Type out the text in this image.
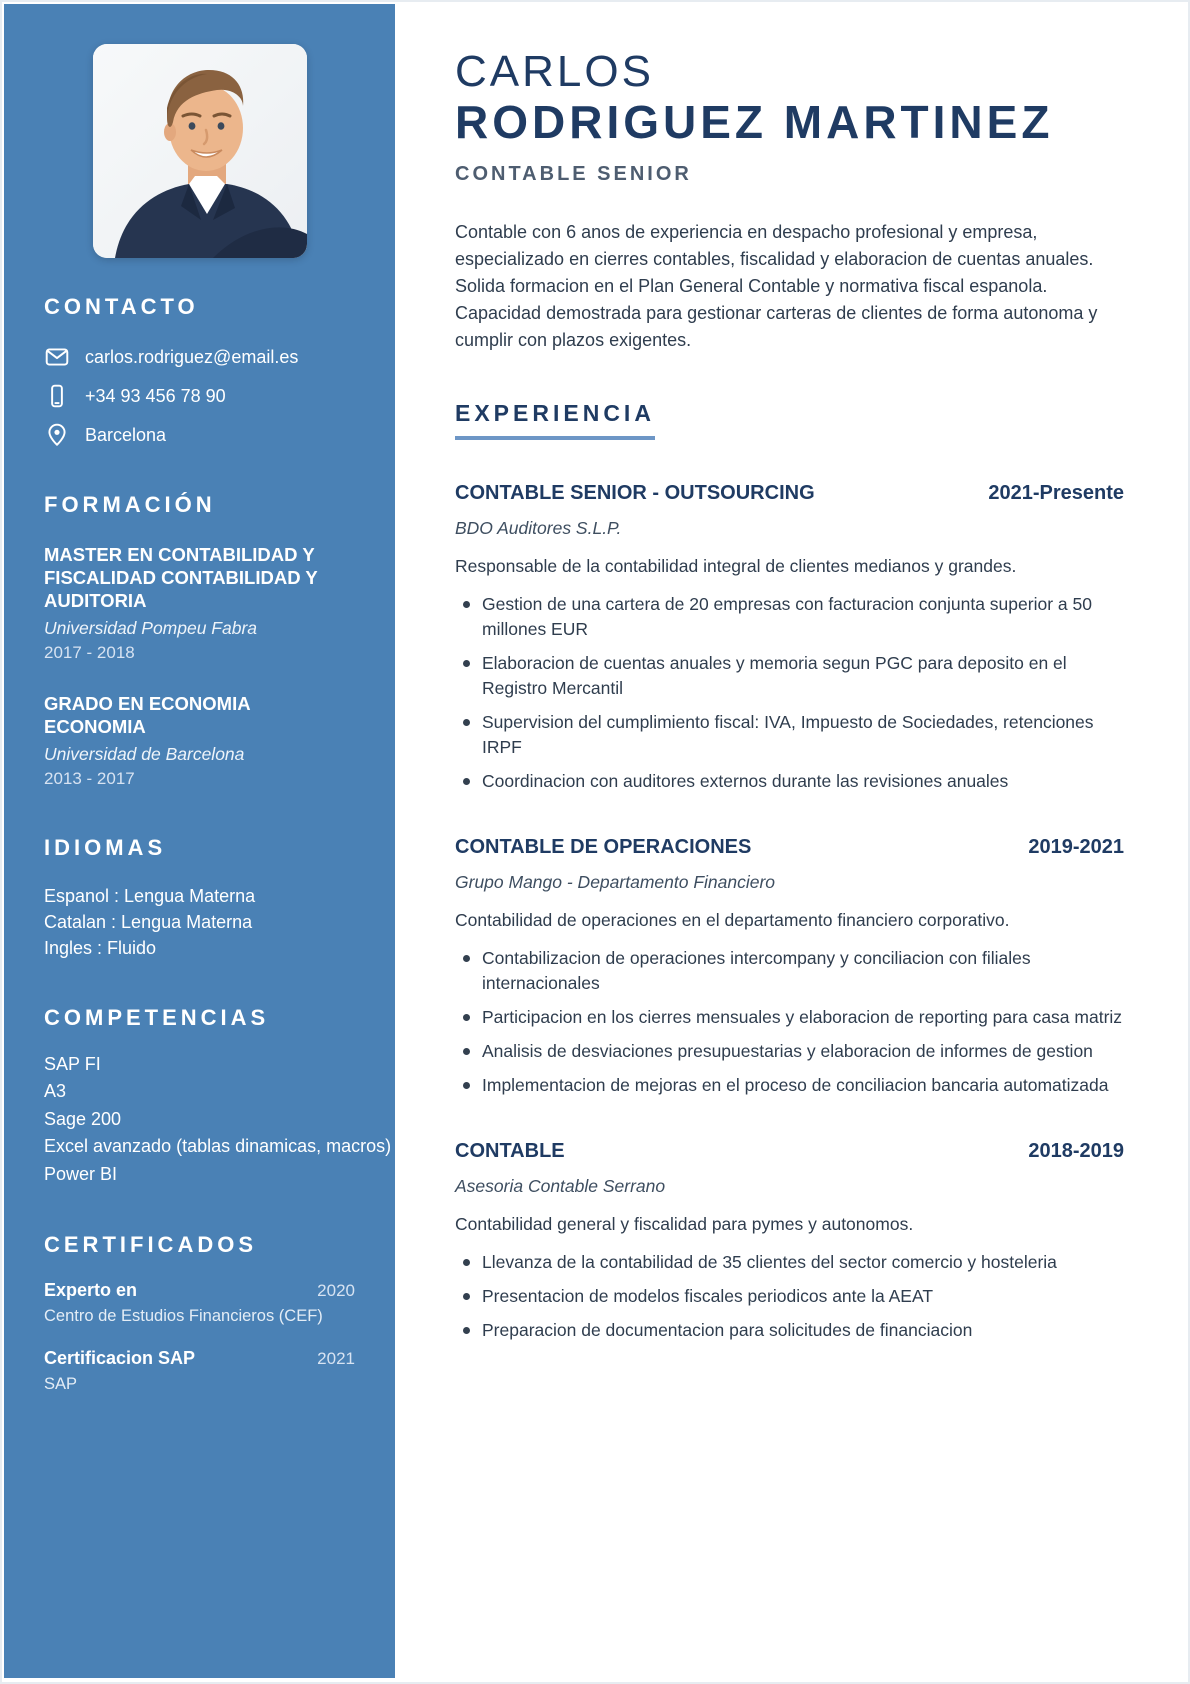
CONTACTO
carlos.rodriguez@email.es
+34 93 456 78 90
Barcelona
FORMACIÓN
MASTER EN CONTABILIDAD Y FISCALIDAD CONTABILIDAD Y AUDITORIA
Universidad Pompeu Fabra
2017 - 2018
GRADO EN ECONOMIA ECONOMIA
Universidad de Barcelona
2013 - 2017
IDIOMAS
Espanol : Lengua Materna
Catalan : Lengua Materna
Ingles : Fluido
COMPETENCIAS
SAP FI
A3
Sage 200
Excel avanzado (tablas dinamicas, macros)
Power BI
CERTIFICADOS
Experto en	2020
Centro de Estudios Financieros (CEF)
Certificacion SAP	2021
SAP
CARLOS
RODRIGUEZ MARTINEZ
CONTABLE SENIOR

Contable con 6 anos de experiencia en despacho profesional y empresa, especializado en cierres contables, fiscalidad y elaboracion de cuentas anuales. Solida formacion en el Plan General Contable y normativa fiscal espanola. Capacidad demostrada para gestionar carteras de clientes de forma autonoma y cumplir con plazos exigentes.

EXPERIENCIA
CONTABLE SENIOR - OUTSOURCING	2021-Presente
BDO Auditores S.L.P.
Responsable de la contabilidad integral de clientes medianos y grandes.
Gestion de una cartera de 20 empresas con facturacion conjunta superior a 50 millones EUR
Elaboracion de cuentas anuales y memoria segun PGC para deposito en el Registro Mercantil
Supervision del cumplimiento fiscal: IVA, Impuesto de Sociedades, retenciones IRPF
Coordinacion con auditores externos durante las revisiones anuales
CONTABLE DE OPERACIONES	2019-2021
Grupo Mango - Departamento Financiero
Contabilidad de operaciones en el departamento financiero corporativo.
Contabilizacion de operaciones intercompany y conciliacion con filiales internacionales
Participacion en los cierres mensuales y elaboracion de reporting para casa matriz
Analisis de desviaciones presupuestarias y elaboracion de informes de gestion
Implementacion de mejoras en el proceso de conciliacion bancaria automatizada
CONTABLE	2018-2019
Asesoria Contable Serrano
Contabilidad general y fiscalidad para pymes y autonomos.
Llevanza de la contabilidad de 35 clientes del sector comercio y hosteleria
Presentacion de modelos fiscales periodicos ante la AEAT
Preparacion de documentacion para solicitudes de financiacion
